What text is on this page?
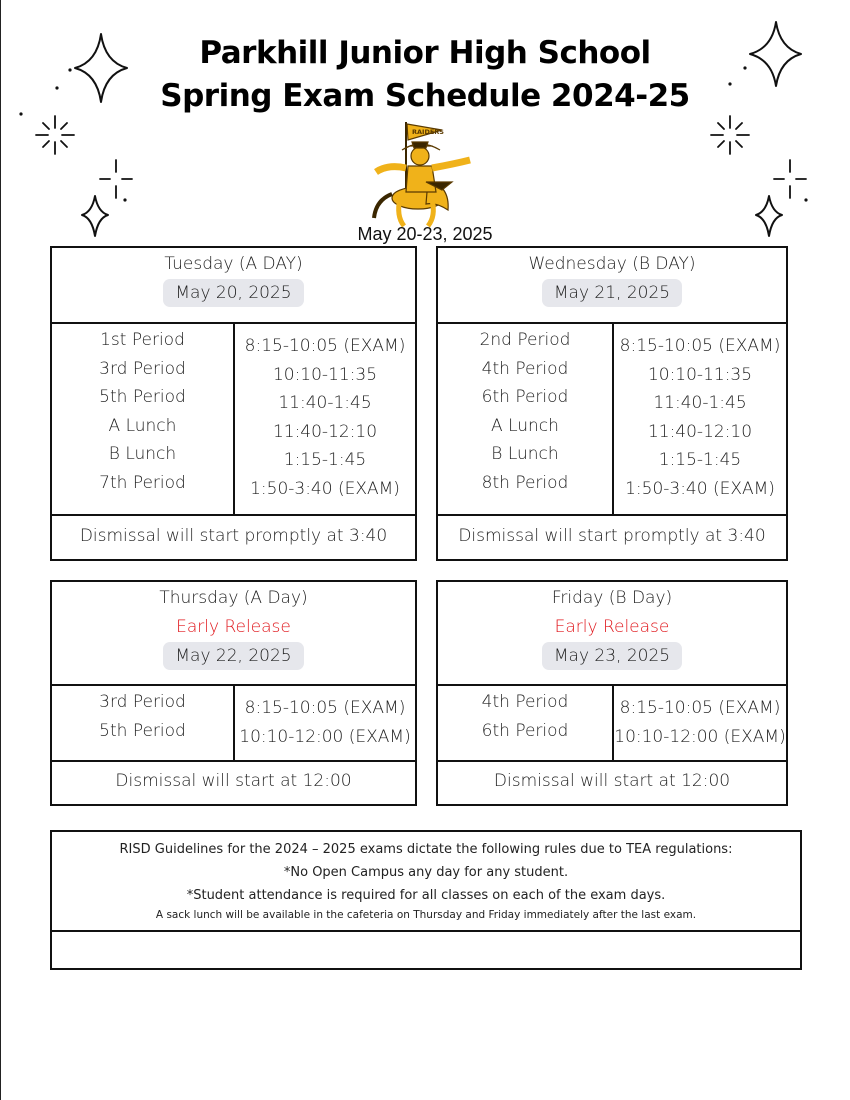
Parkhill Junior High School
Spring Exam Schedule 2024-25
RAIDERS
May 20-23, 2025
Tuesday (A DAY)
May 20, 2025
1st Period
3rd Period
5th Period
A Lunch
B Lunch
7th Period
8:15-10:05 (EXAM)
10:10-11:35
11:40-1:45
11:40-12:10
1:15-1:45
1:50-3:40 (EXAM)
Dismissal will start promptly at 3:40
Wednesday (B DAY)
May 21, 2025
2nd Period
4th Period
6th Period
A Lunch
B Lunch
8th Period
8:15-10:05 (EXAM)
10:10-11:35
11:40-1:45
11:40-12:10
1:15-1:45
1:50-3:40 (EXAM)
Dismissal will start promptly at 3:40
Thursday (A Day)
Early Release
May 22, 2025
3rd Period
5th Period
8:15-10:05 (EXAM)
10:10-12:00 (EXAM)
Dismissal will start at 12:00
Friday (B Day)
Early Release
May 23, 2025
4th Period
6th Period
8:15-10:05 (EXAM)
10:10-12:00 (EXAM)
Dismissal will start at 12:00
RISD Guidelines for the 2024 – 2025 exams dictate the following rules due to TEA regulations:
*No Open Campus any day for any student.
*Student attendance is required for all classes on each of the exam days.
A sack lunch will be available in the cafeteria on Thursday and Friday immediately after the last exam.
